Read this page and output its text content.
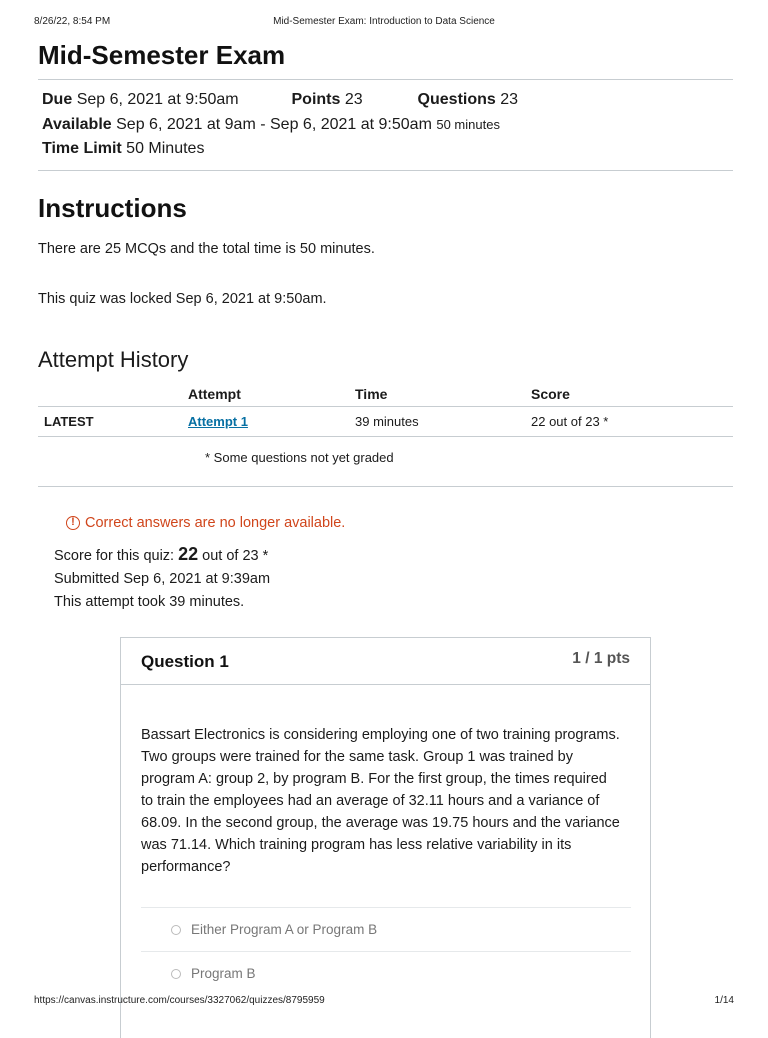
8/26/22, 8:54 PM	Mid-Semester Exam: Introduction to Data Science
Mid-Semester Exam
Due Sep 6, 2021 at 9:50am	Points 23	Questions 23
Available Sep 6, 2021 at 9am - Sep 6, 2021 at 9:50am 50 minutes
Time Limit 50 Minutes
Instructions

There are 25 MCQs and the total time is 50 minutes.

This quiz was locked Sep 6, 2021 at 9:50am.

Attempt History
	Attempt	Time	Score
LATEST	Attempt 1	39 minutes	22 out of 23 *
* Some questions not yet graded
! Correct answers are no longer available.
Score for this quiz: 22 out of 23 *
Submitted Sep 6, 2021 at 9:39am
This attempt took 39 minutes.
Question 1	1 / 1 pts
Bassart Electronics is considering employing one of two training programs. Two groups were trained for the same task. Group 1 was trained by program A: group 2, by program B. For the first group, the times required to train the employees had an average of 32.11 hours and a variance of 68.09. In the second group, the average was 19.75 hours and the variance was 71.14. Which training program has less relative variability in its performance?
Either Program A or Program B
Program B
https://canvas.instructure.com/courses/3327062/quizzes/8795959	1/14
